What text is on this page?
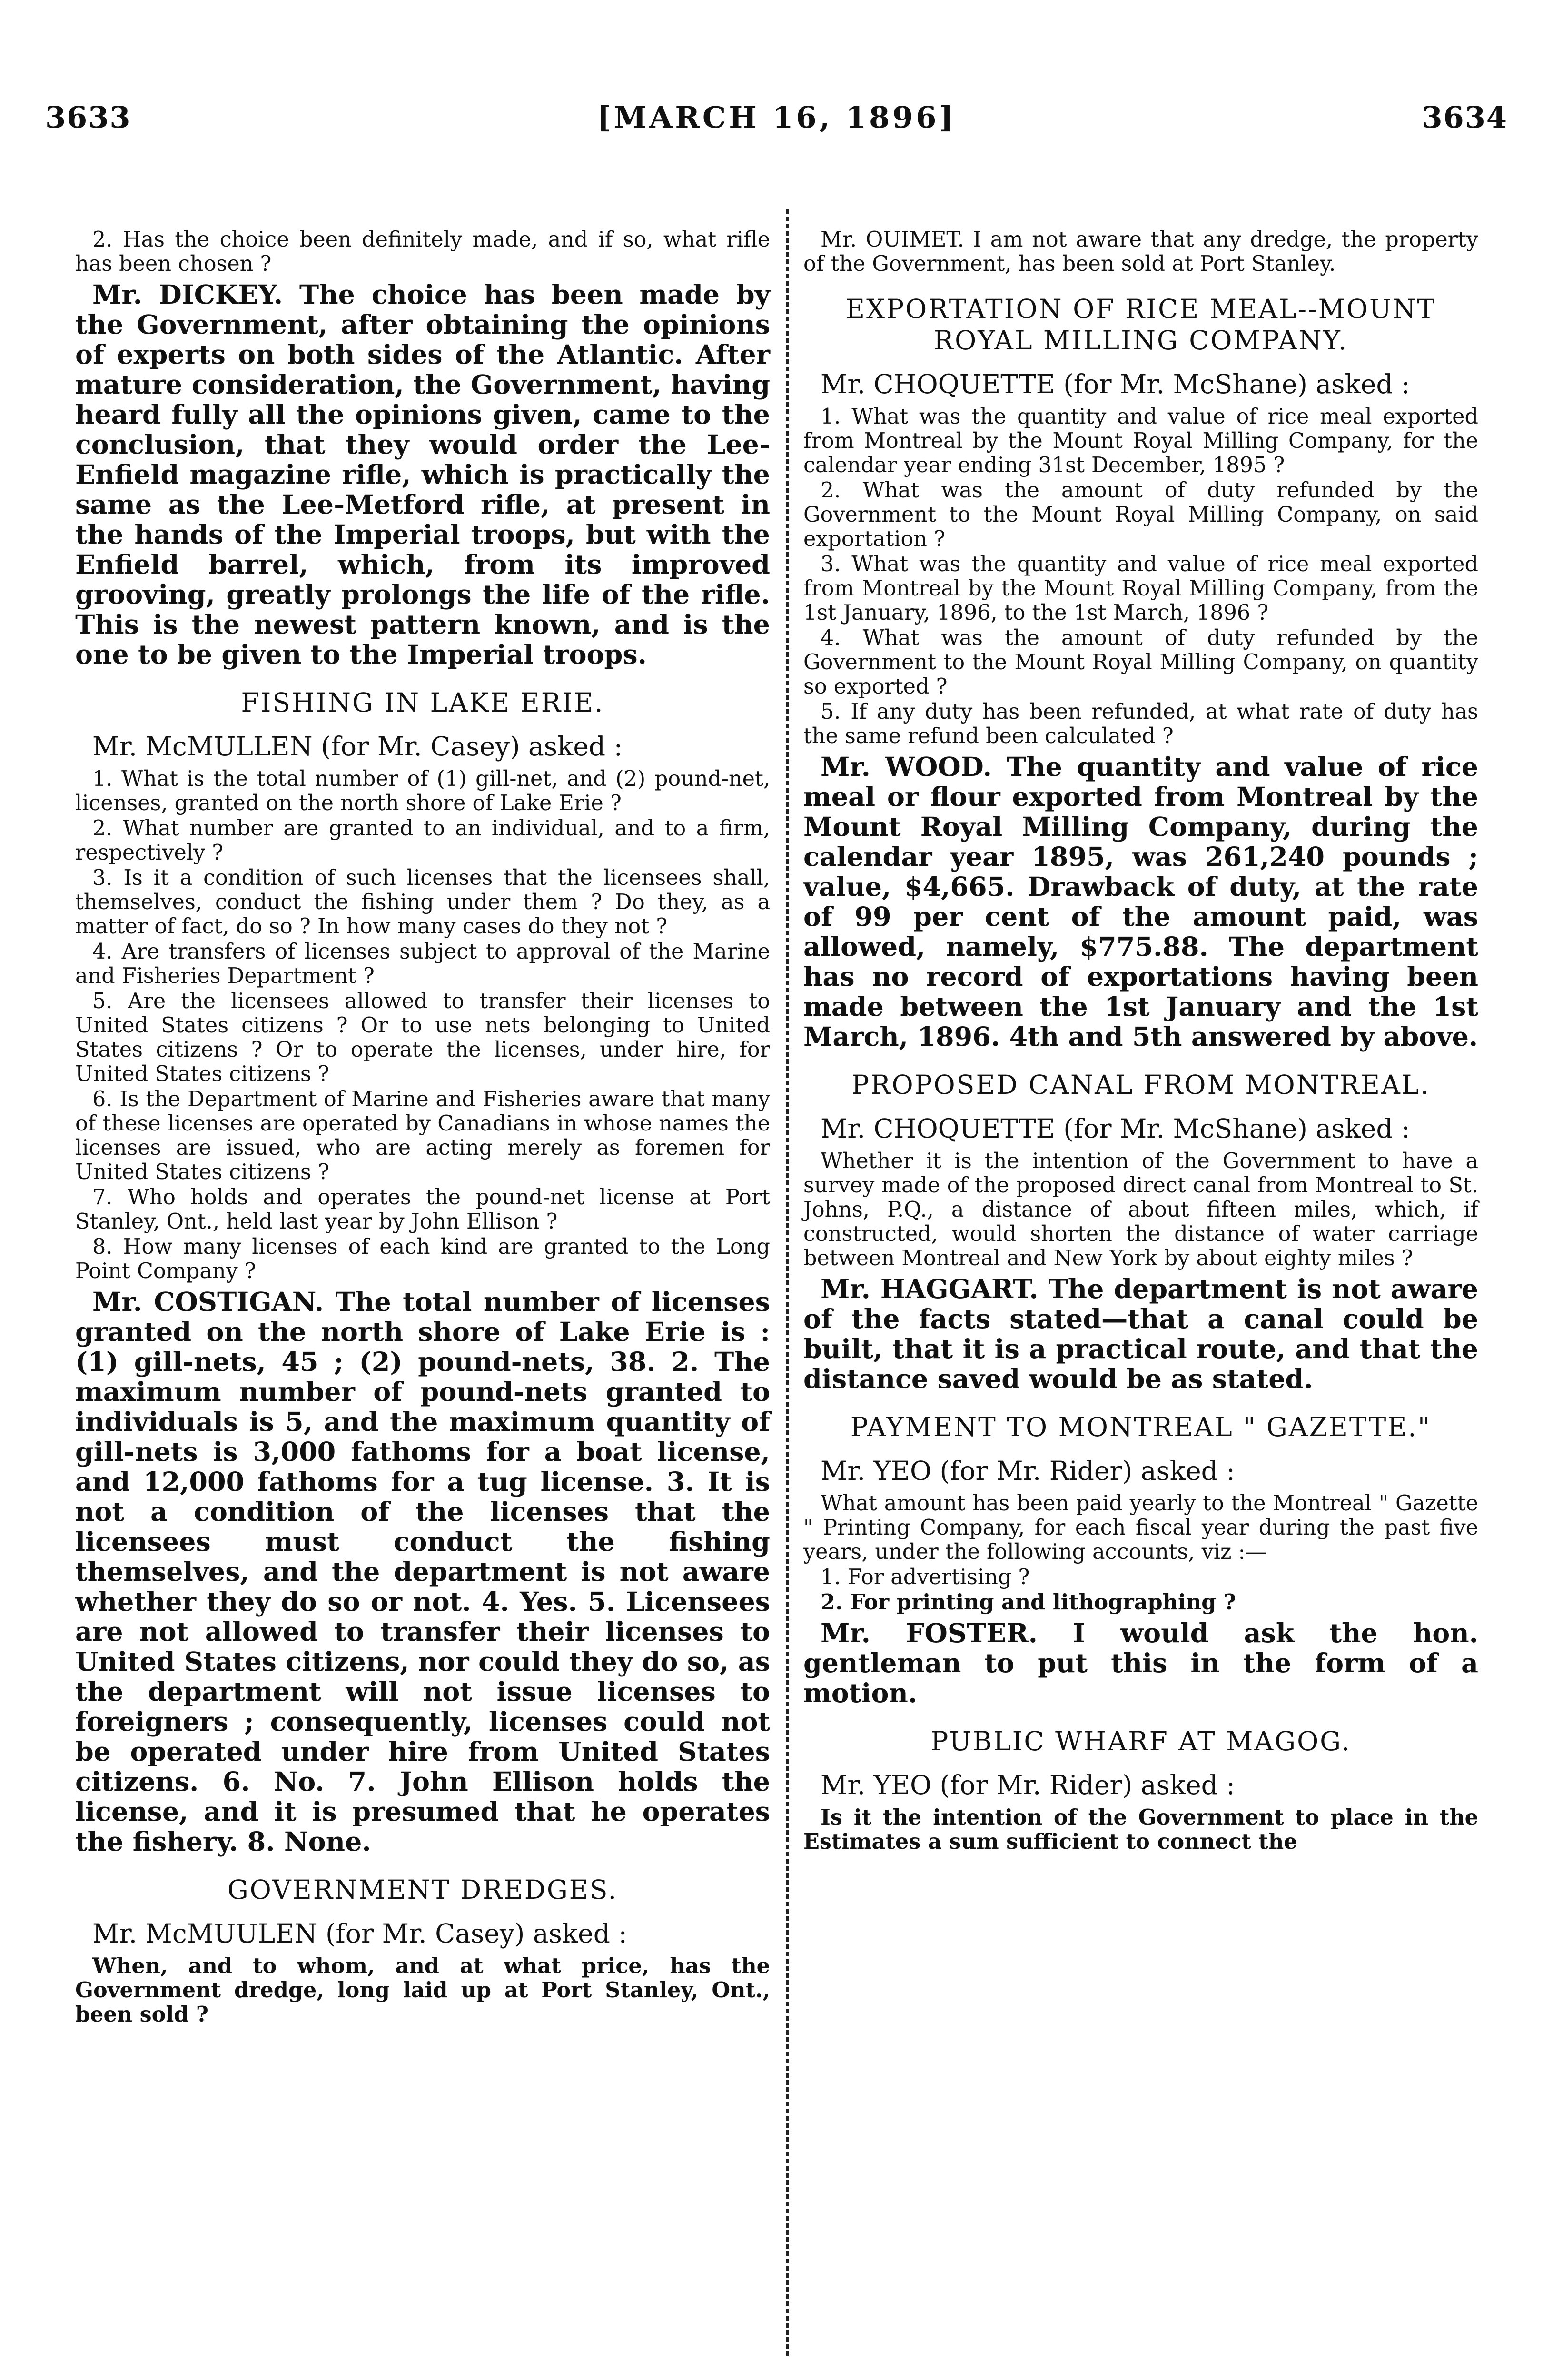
3633	[MARCH 16, 1896]	3634

2. Has the choice been definitely made, and if so, what rifle has been chosen ?

Mr. DICKEY. The choice has been made by the Government, after obtaining the opinions of experts on both sides of the Atlantic. After mature consideration, the Government, having heard fully all the opinions given, came to the conclusion, that they would order the Lee-Enfield magazine rifle, which is practically the same as the Lee-Metford rifle, at present in the hands of the Imperial troops, but with the Enfield barrel, which, from its improved grooving, greatly prolongs the life of the rifle. This is the newest pattern known, and is the one to be given to the Imperial troops.

FISHING IN LAKE ERIE.

Mr. McMULLEN (for Mr. Casey) asked :

1. What is the total number of (1) gill-net, and (2) pound-net, licenses, granted on the north shore of Lake Erie ?

2. What number are granted to an individual, and to a firm, respectively ?

3. Is it a condition of such licenses that the licensees shall, themselves, conduct the fishing under them ? Do they, as a matter of fact, do so ? In how many cases do they not ?

4. Are transfers of licenses subject to approval of the Marine and Fisheries Department ?

5. Are the licensees allowed to transfer their licenses to United States citizens ? Or to use nets belonging to United States citizens ? Or to operate the licenses, under hire, for United States citizens ?

6. Is the Department of Marine and Fisheries aware that many of these licenses are operated by Canadians in whose names the licenses are issued, who are acting merely as foremen for United States citizens ?

7. Who holds and operates the pound-net license at Port Stanley, Ont., held last year by John Ellison ?

8. How many licenses of each kind are granted to the Long Point Company ?

Mr. COSTIGAN. The total number of licenses granted on the north shore of Lake Erie is : (1) gill-nets, 45 ; (2) pound-nets, 38. 2. The maximum number of pound-nets granted to individuals is 5, and the maximum quantity of gill-nets is 3,000 fathoms for a boat license, and 12,000 fathoms for a tug license. 3. It is not a condition of the licenses that the licensees must conduct the fishing themselves, and the department is not aware whether they do so or not. 4. Yes. 5. Licensees are not allowed to transfer their licenses to United States citizens, nor could they do so, as the department will not issue licenses to foreigners ; consequently, licenses could not be operated under hire from United States citizens. 6. No. 7. John Ellison holds the license, and it is presumed that he operates the fishery. 8. None.

GOVERNMENT DREDGES.

Mr. McMUULEN (for Mr. Casey) asked :

When, and to whom, and at what price, has the Government dredge, long laid up at Port Stanley, Ont., been sold ?

Mr. OUIMET. I am not aware that any dredge, the property of the Government, has been sold at Port Stanley.

EXPORTATION OF RICE MEAL--MOUNT ROYAL MILLING COMPANY.

Mr. CHOQUETTE (for Mr. McShane) asked :

1. What was the quantity and value of rice meal exported from Montreal by the Mount Royal Milling Company, for the calendar year ending 31st December, 1895 ?

2. What was the amount of duty refunded by the Government to the Mount Royal Milling Company, on said exportation ?

3. What was the quantity and value of rice meal exported from Montreal by the Mount Royal Milling Company, from the 1st January, 1896, to the 1st March, 1896 ?

4. What was the amount of duty refunded by the Government to the Mount Royal Milling Company, on quantity so exported ?

5. If any duty has been refunded, at what rate of duty has the same refund been calculated ?

Mr. WOOD. The quantity and value of rice meal or flour exported from Montreal by the Mount Royal Milling Company, during the calendar year 1895, was 261,240 pounds ; value, $4,665. Drawback of duty, at the rate of 99 per cent of the amount paid, was allowed, namely, $775.88. The department has no record of exportations having been made between the 1st January and the 1st March, 1896. 4th and 5th answered by above.

PROPOSED CANAL FROM MONTREAL.

Mr. CHOQUETTE (for Mr. McShane) asked :

Whether it is the intention of the Government to have a survey made of the proposed direct canal from Montreal to St. Johns, P.Q., a distance of about fifteen miles, which, if constructed, would shorten the distance of water carriage between Montreal and New York by about eighty miles ?

Mr. HAGGART. The department is not aware of the facts stated—that a canal could be built, that it is a practical route, and that the distance saved would be as stated.

PAYMENT TO MONTREAL " GAZETTE."

Mr. YEO (for Mr. Rider) asked :

What amount has been paid yearly to the Montreal " Gazette " Printing Company, for each fiscal year during the past five years, under the following accounts, viz :—

1. For advertising ?

2. For printing and lithographing ?

Mr. FOSTER. I would ask the hon. gentleman to put this in the form of a motion.

PUBLIC WHARF AT MAGOG.

Mr. YEO (for Mr. Rider) asked :

Is it the intention of the Government to place in the Estimates a sum sufficient to connect the
